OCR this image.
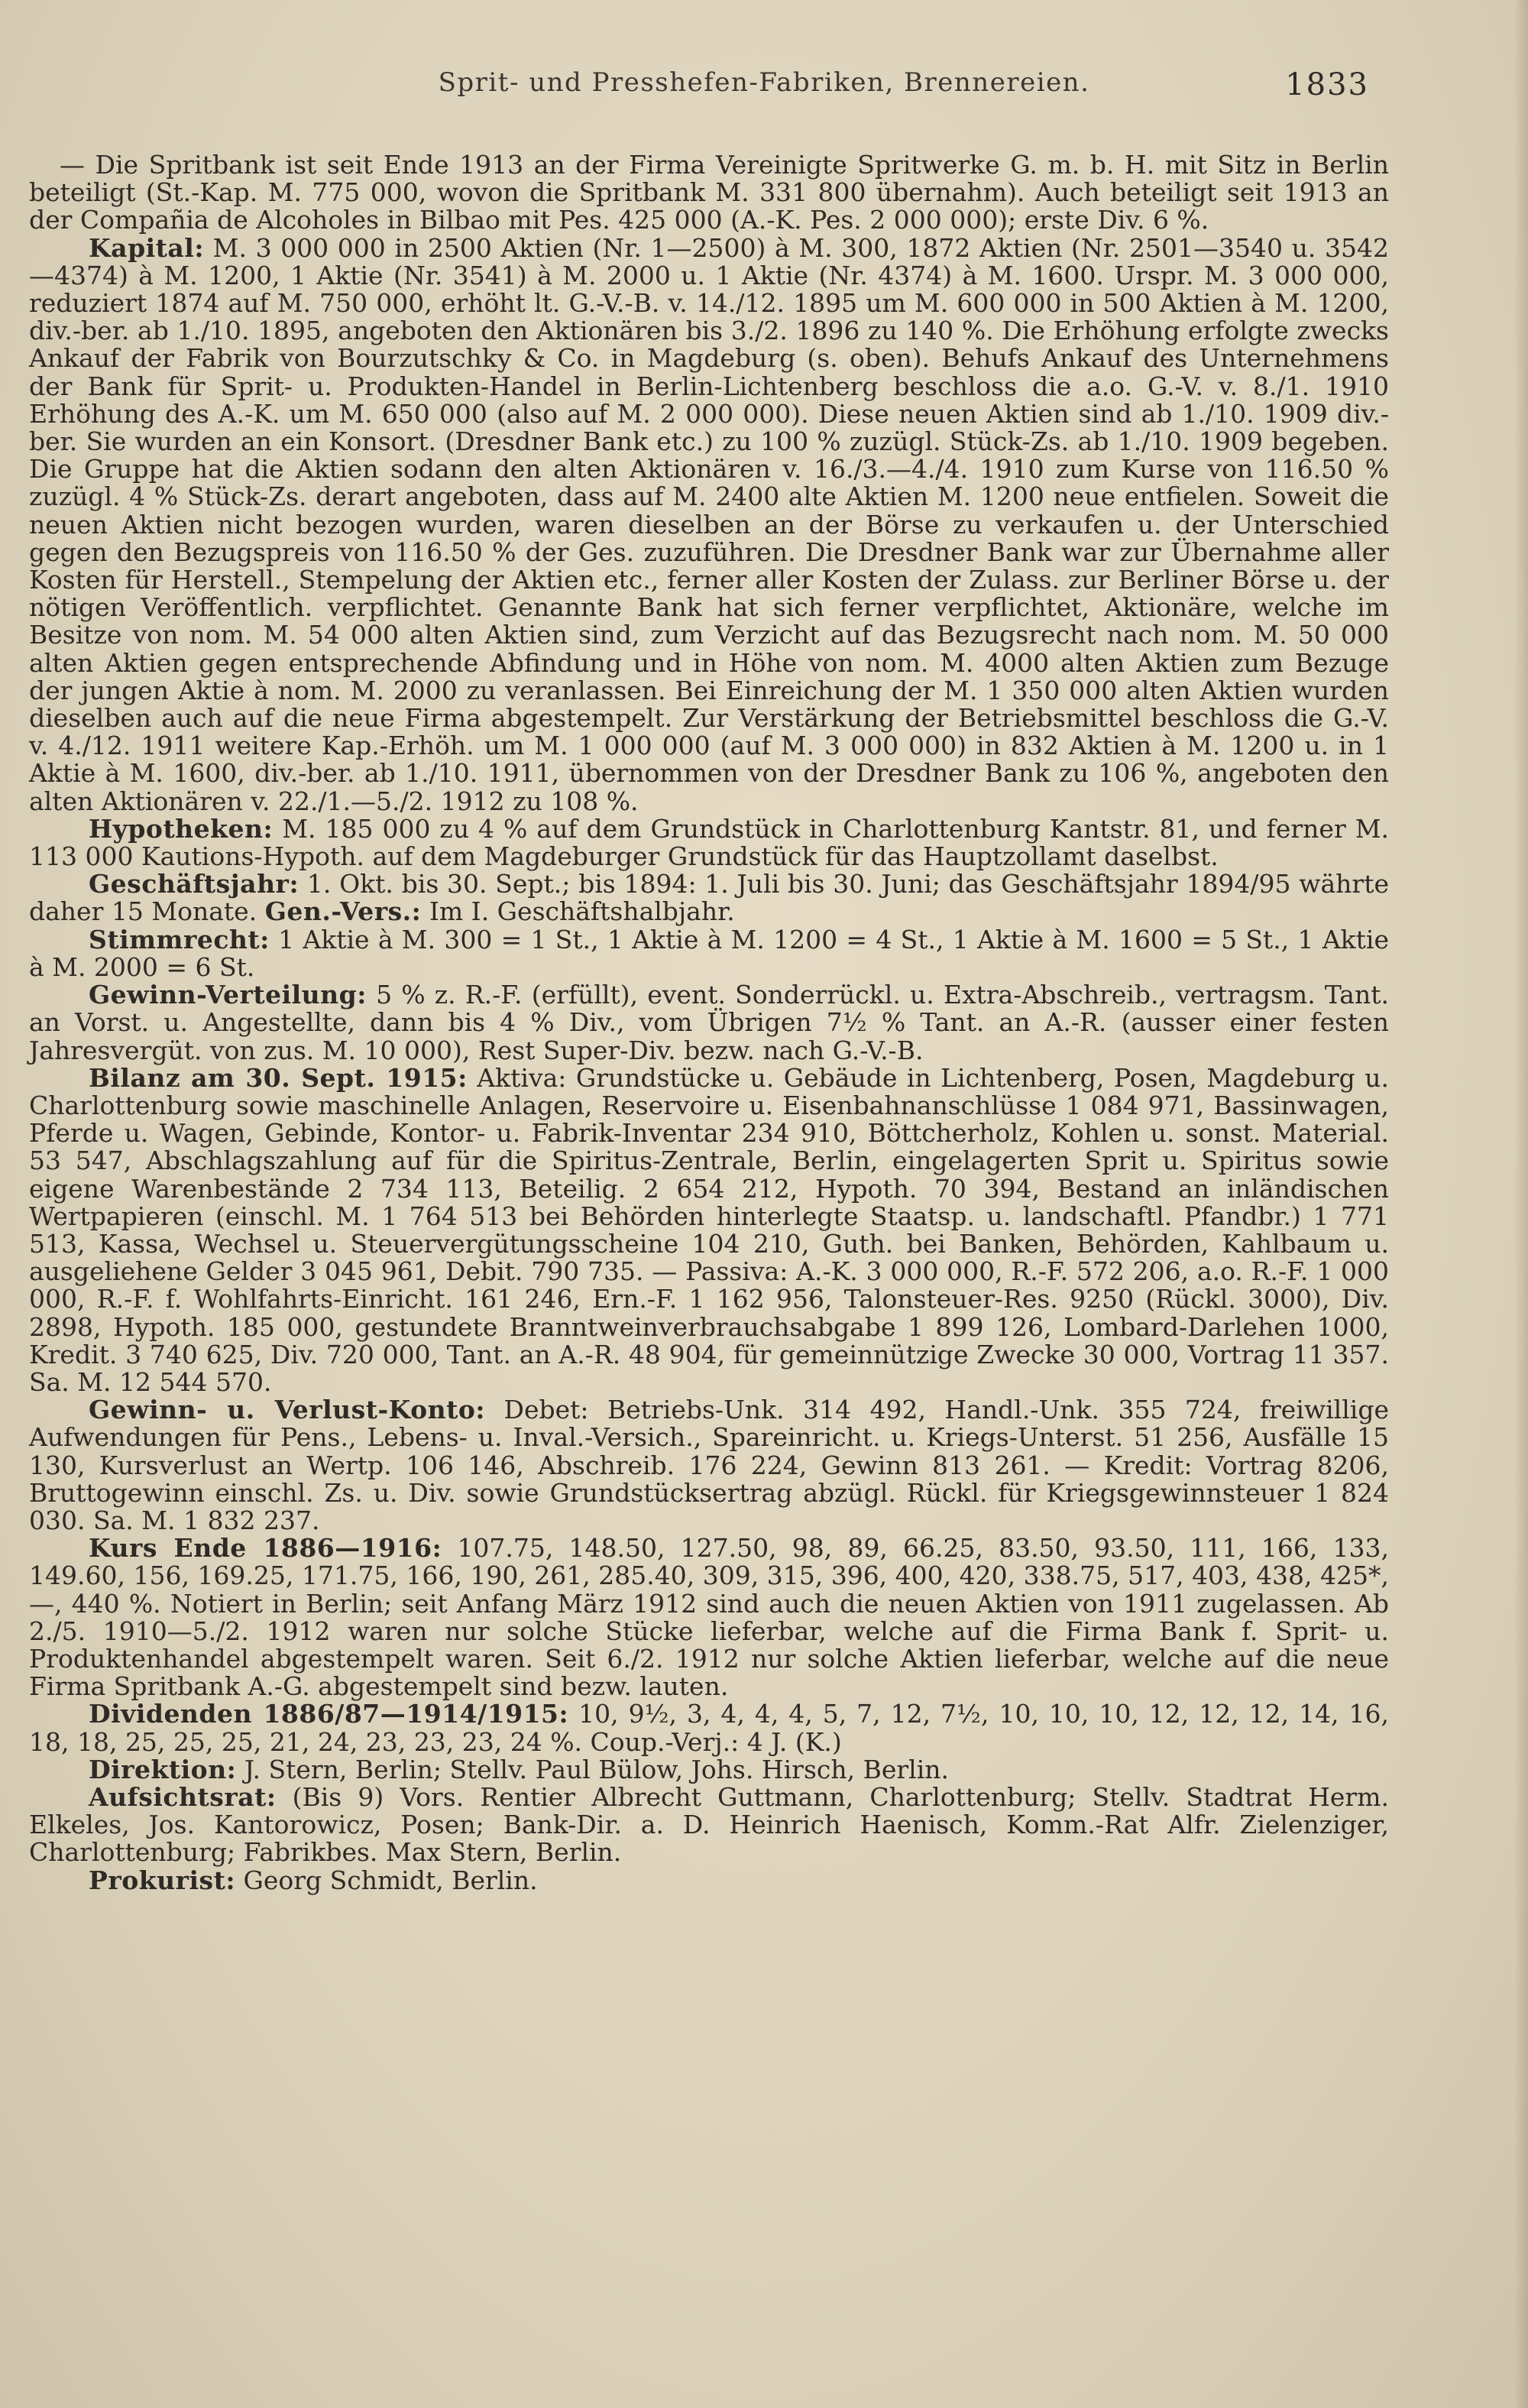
Sprit- und Presshefen-Fabriken, Brennereien.	1833

— Die Spritbank ist seit Ende 1913 an der Firma Vereinigte Spritwerke G. m. b. H. mit Sitz in Berlin beteiligt (St.-Kap. M. 775 000, wovon die Spritbank M. 331 800 übernahm). Auch beteiligt seit 1913 an der Compañia de Alcoholes in Bilbao mit Pes. 425 000 (A.-K. Pes. 2 000 000); erste Div. 6 %.

Kapital: M. 3 000 000 in 2500 Aktien (Nr. 1—2500) à M. 300, 1872 Aktien (Nr. 2501—3540 u. 3542—4374) à M. 1200, 1 Aktie (Nr. 3541) à M. 2000 u. 1 Aktie (Nr. 4374) à M. 1600. Urspr. M. 3 000 000, reduziert 1874 auf M. 750 000, erhöht lt. G.-V.-B. v. 14./12. 1895 um M. 600 000 in 500 Aktien à M. 1200, div.-ber. ab 1./10. 1895, angeboten den Aktionären bis 3./2. 1896 zu 140 %. Die Erhöhung erfolgte zwecks Ankauf der Fabrik von Bourzutschky & Co. in Magdeburg (s. oben). Behufs Ankauf des Unternehmens der Bank für Sprit- u. Produkten-Handel in Berlin-Lichtenberg beschloss die a.o. G.-V. v. 8./1. 1910 Erhöhung des A.-K. um M. 650 000 (also auf M. 2 000 000). Diese neuen Aktien sind ab 1./10. 1909 div.-ber. Sie wurden an ein Konsort. (Dresdner Bank etc.) zu 100 % zuzügl. Stück-Zs. ab 1./10. 1909 begeben. Die Gruppe hat die Aktien sodann den alten Aktionären v. 16./3.—4./4. 1910 zum Kurse von 116.50 % zuzügl. 4 % Stück-Zs. derart angeboten, dass auf M. 2400 alte Aktien M. 1200 neue entfielen. Soweit die neuen Aktien nicht bezogen wurden, waren dieselben an der Börse zu verkaufen u. der Unterschied gegen den Bezugspreis von 116.50 % der Ges. zuzuführen. Die Dresdner Bank war zur Übernahme aller Kosten für Herstell., Stempelung der Aktien etc., ferner aller Kosten der Zulass. zur Berliner Börse u. der nötigen Veröffentlich. verpflichtet. Genannte Bank hat sich ferner verpflichtet, Aktionäre, welche im Besitze von nom. M. 54 000 alten Aktien sind, zum Verzicht auf das Bezugsrecht nach nom. M. 50 000 alten Aktien gegen entsprechende Abfindung und in Höhe von nom. M. 4000 alten Aktien zum Bezuge der jungen Aktie à nom. M. 2000 zu veranlassen. Bei Einreichung der M. 1 350 000 alten Aktien wurden dieselben auch auf die neue Firma abgestempelt. Zur Verstärkung der Betriebsmittel beschloss die G.-V. v. 4./12. 1911 weitere Kap.-Erhöh. um M. 1 000 000 (auf M. 3 000 000) in 832 Aktien à M. 1200 u. in 1 Aktie à M. 1600, div.-ber. ab 1./10. 1911, übernommen von der Dresdner Bank zu 106 %, angeboten den alten Aktionären v. 22./1.—5./2. 1912 zu 108 %.

Hypotheken: M. 185 000 zu 4 % auf dem Grundstück in Charlottenburg Kantstr. 81, und ferner M. 113 000 Kautions-Hypoth. auf dem Magdeburger Grundstück für das Hauptzollamt daselbst.

Geschäftsjahr: 1. Okt. bis 30. Sept.; bis 1894: 1. Juli bis 30. Juni; das Geschäftsjahr 1894/95 währte daher 15 Monate. Gen.-Vers.: Im I. Geschäftshalbjahr.

Stimmrecht: 1 Aktie à M. 300 = 1 St., 1 Aktie à M. 1200 = 4 St., 1 Aktie à M. 1600 = 5 St., 1 Aktie à M. 2000 = 6 St.

Gewinn-Verteilung: 5 % z. R.-F. (erfüllt), event. Sonderrückl. u. Extra-Abschreib., vertragsm. Tant. an Vorst. u. Angestellte, dann bis 4 % Div., vom Übrigen 7½ % Tant. an A.-R. (ausser einer festen Jahresvergüt. von zus. M. 10 000), Rest Super-Div. bezw. nach G.-V.-B.

Bilanz am 30. Sept. 1915: Aktiva: Grundstücke u. Gebäude in Lichtenberg, Posen, Magdeburg u. Charlottenburg sowie maschinelle Anlagen, Reservoire u. Eisenbahnanschlüsse 1 084 971, Bassinwagen, Pferde u. Wagen, Gebinde, Kontor- u. Fabrik-Inventar 234 910, Böttcherholz, Kohlen u. sonst. Material. 53 547, Abschlagszahlung auf für die Spiritus-Zentrale, Berlin, eingelagerten Sprit u. Spiritus sowie eigene Warenbestände 2 734 113, Beteilig. 2 654 212, Hypoth. 70 394, Bestand an inländischen Wertpapieren (einschl. M. 1 764 513 bei Behörden hinterlegte Staatsp. u. landschaftl. Pfandbr.) 1 771 513, Kassa, Wechsel u. Steuervergütungsscheine 104 210, Guth. bei Banken, Behörden, Kahlbaum u. ausgeliehene Gelder 3 045 961, Debit. 790 735. — Passiva: A.-K. 3 000 000, R.-F. 572 206, a.o. R.-F. 1 000 000, R.-F. f. Wohlfahrts-Einricht. 161 246, Ern.-F. 1 162 956, Talonsteuer-Res. 9250 (Rückl. 3000), Div. 2898, Hypoth. 185 000, gestundete Branntweinverbrauchsabgabe 1 899 126, Lombard-Darlehen 1000, Kredit. 3 740 625, Div. 720 000, Tant. an A.-R. 48 904, für gemeinnützige Zwecke 30 000, Vortrag 11 357. Sa. M. 12 544 570.

Gewinn- u. Verlust-Konto: Debet: Betriebs-Unk. 314 492, Handl.-Unk. 355 724, freiwillige Aufwendungen für Pens., Lebens- u. Inval.-Versich., Spareinricht. u. Kriegs-Unterst. 51 256, Ausfälle 15 130, Kursverlust an Wertp. 106 146, Abschreib. 176 224, Gewinn 813 261. — Kredit: Vortrag 8206, Bruttogewinn einschl. Zs. u. Div. sowie Grundstücksertrag abzügl. Rückl. für Kriegsgewinnsteuer 1 824 030. Sa. M. 1 832 237.

Kurs Ende 1886—1916: 107.75, 148.50, 127.50, 98, 89, 66.25, 83.50, 93.50, 111, 166, 133, 149.60, 156, 169.25, 171.75, 166, 190, 261, 285.40, 309, 315, 396, 400, 420, 338.75, 517, 403, 438, 425*, —, 440 %. Notiert in Berlin; seit Anfang März 1912 sind auch die neuen Aktien von 1911 zugelassen. Ab 2./5. 1910—5./2. 1912 waren nur solche Stücke lieferbar, welche auf die Firma Bank f. Sprit- u. Produktenhandel abgestempelt waren. Seit 6./2. 1912 nur solche Aktien lieferbar, welche auf die neue Firma Spritbank A.-G. abgestempelt sind bezw. lauten.

Dividenden 1886/87—1914/1915: 10, 9½, 3, 4, 4, 4, 5, 7, 12, 7½, 10, 10, 10, 12, 12, 12, 14, 16, 18, 18, 25, 25, 25, 21, 24, 23, 23, 23, 24 %. Coup.-Verj.: 4 J. (K.)

Direktion: J. Stern, Berlin; Stellv. Paul Bülow, Johs. Hirsch, Berlin.

Aufsichtsrat: (Bis 9) Vors. Rentier Albrecht Guttmann, Charlottenburg; Stellv. Stadtrat Herm. Elkeles, Jos. Kantorowicz, Posen; Bank-Dir. a. D. Heinrich Haenisch, Komm.-Rat Alfr. Zielenziger, Charlottenburg; Fabrikbes. Max Stern, Berlin.

Prokurist: Georg Schmidt, Berlin.
